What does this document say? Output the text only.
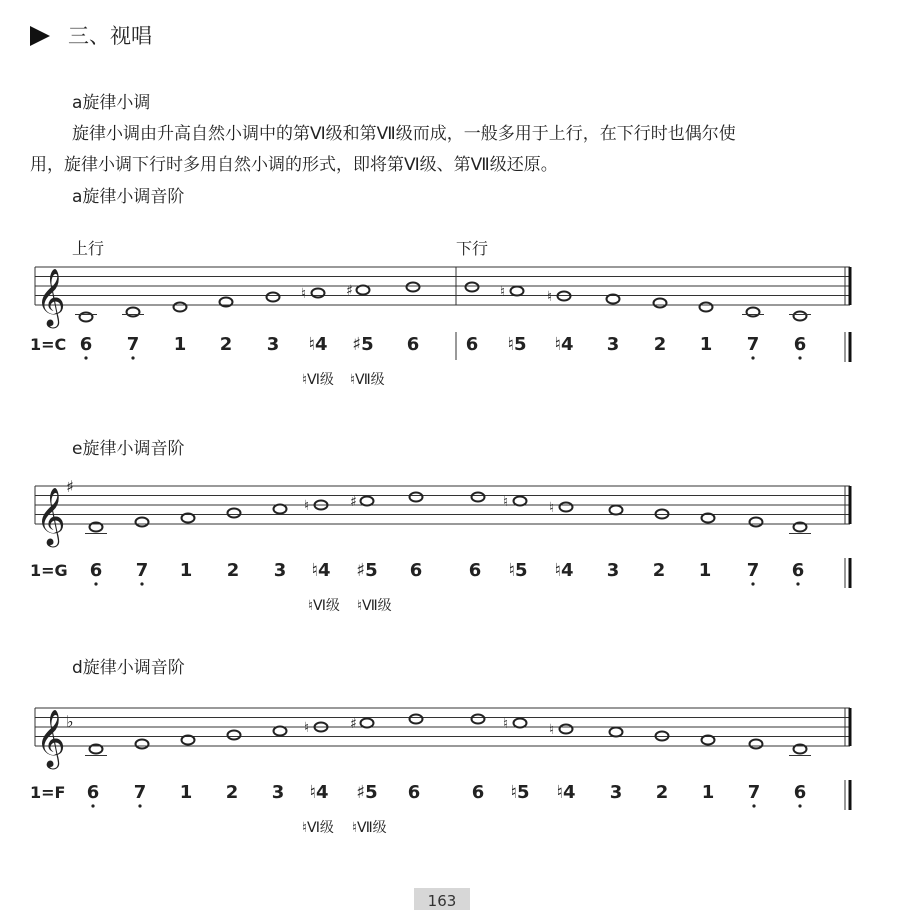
三、视唱
a旋律小调
旋律小调由升高自然小调中的第Ⅵ级和第Ⅶ级而成，一般多用于上行，在下行时也偶尔使
用，旋律小调下行时多用自然小调的形式，即将第Ⅵ级、第Ⅶ级还原。
a旋律小调音阶
上行	下行
𝄞	♮	♯	♮	♮
6 7 1 2 3 ♮4 ♯5 6	6 ♮5 ♮4 3 2 1 7 6
1=C
♮Ⅵ级 ♮Ⅶ级
e旋律小调音阶
𝄞
♯
♮	♯	♮	♮
6 7 1 2 3 ♮4 ♯5 6	6 ♮5 ♮4 3 2 1 7 6
1=G
♮Ⅵ级 ♮Ⅶ级
d旋律小调音阶
𝄞 ♭	♮	♯	♮	♮
6 7 1 2 3 ♮4 ♯5 6	6 ♮5 ♮4 3 2 1 7 6
1=F
♮Ⅵ级 ♮Ⅶ级
163
